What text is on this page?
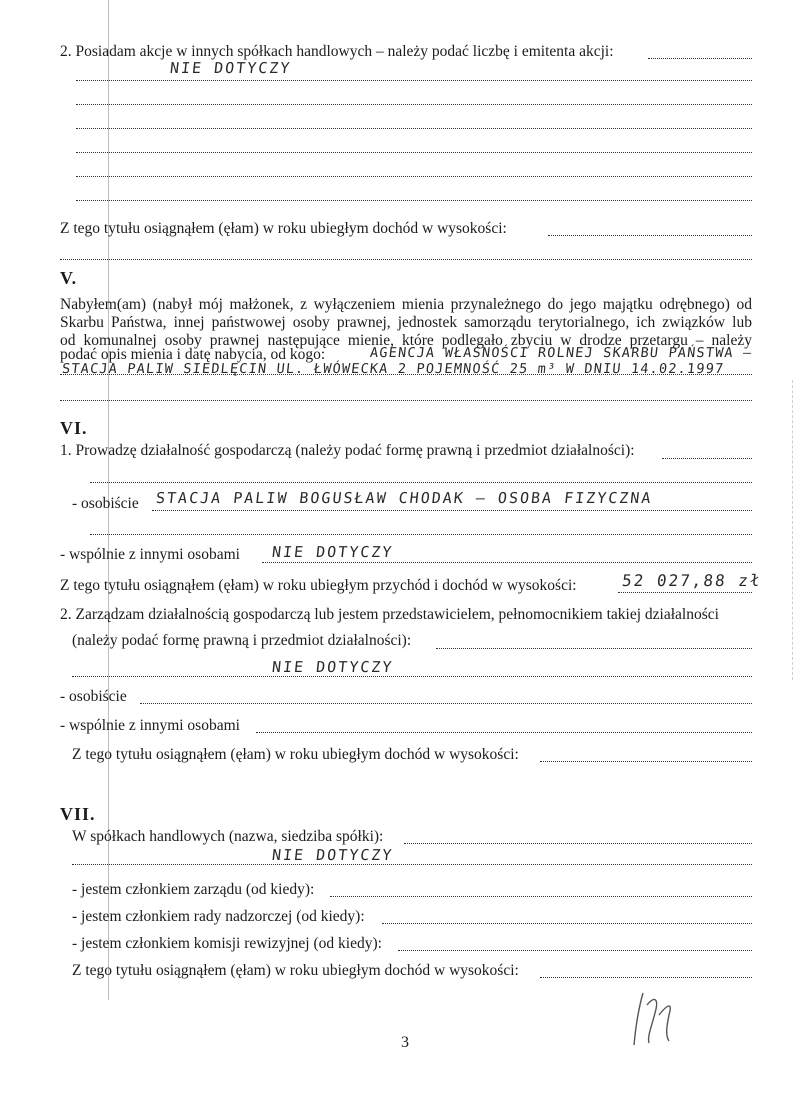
2. Posiadam akcje w innych spółkach handlowych – należy podać liczbę i emitenta akcji:
NIE DOTYCZY
Z tego tytułu osiągnąłem (ęłam) w roku ubiegłym dochód w wysokości:
V.
Nabyłem(am) (nabył mój małżonek, z wyłączeniem mienia przynależnego do jego majątku odrębnego) od
Skarbu Państwa, innej państwowej osoby prawnej, jednostek samorządu terytorialnego, ich związków lub
od komunalnej osoby prawnej następujące mienie, które podlegało zbyciu w drodze przetargu – należy
podać opis mienia i datę nabycia, od kogo:	AGENCJA WŁASNOŚCI ROLNEJ SKARBU PAŃSTWA –
STACJA PALIW SIEDLĘCIN UL. ŁWÓWECKA 2 POJEMNOŚĆ 25 m³ W DNIU 14.02.1997
VI.
1. Prowadzę działalność gospodarczą (należy podać formę prawną i przedmiot działalności):
- osobiście STACJA PALIW BOGUSŁAW CHODAK – OSOBA FIZYCZNA
- wspólnie z innymi osobami NIE DOTYCZY
Z tego tytułu osiągnąłem (ęłam) w roku ubiegłym przychód i dochód w wysokości:	52 027,88 zł
2. Zarządzam działalnością gospodarczą lub jestem przedstawicielem, pełnomocnikiem takiej działalności
(należy podać formę prawną i przedmiot działalności):
NIE DOTYCZY
- osobiście
- wspólnie z innymi osobami
Z tego tytułu osiągnąłem (ęłam) w roku ubiegłym dochód w wysokości:
VII.
W spółkach handlowych (nazwa, siedziba spółki):
NIE DOTYCZY
- jestem członkiem zarządu (od kiedy):
- jestem członkiem rady nadzorczej (od kiedy):
- jestem członkiem komisji rewizyjnej (od kiedy):
Z tego tytułu osiągnąłem (ęłam) w roku ubiegłym dochód w wysokości:
3
